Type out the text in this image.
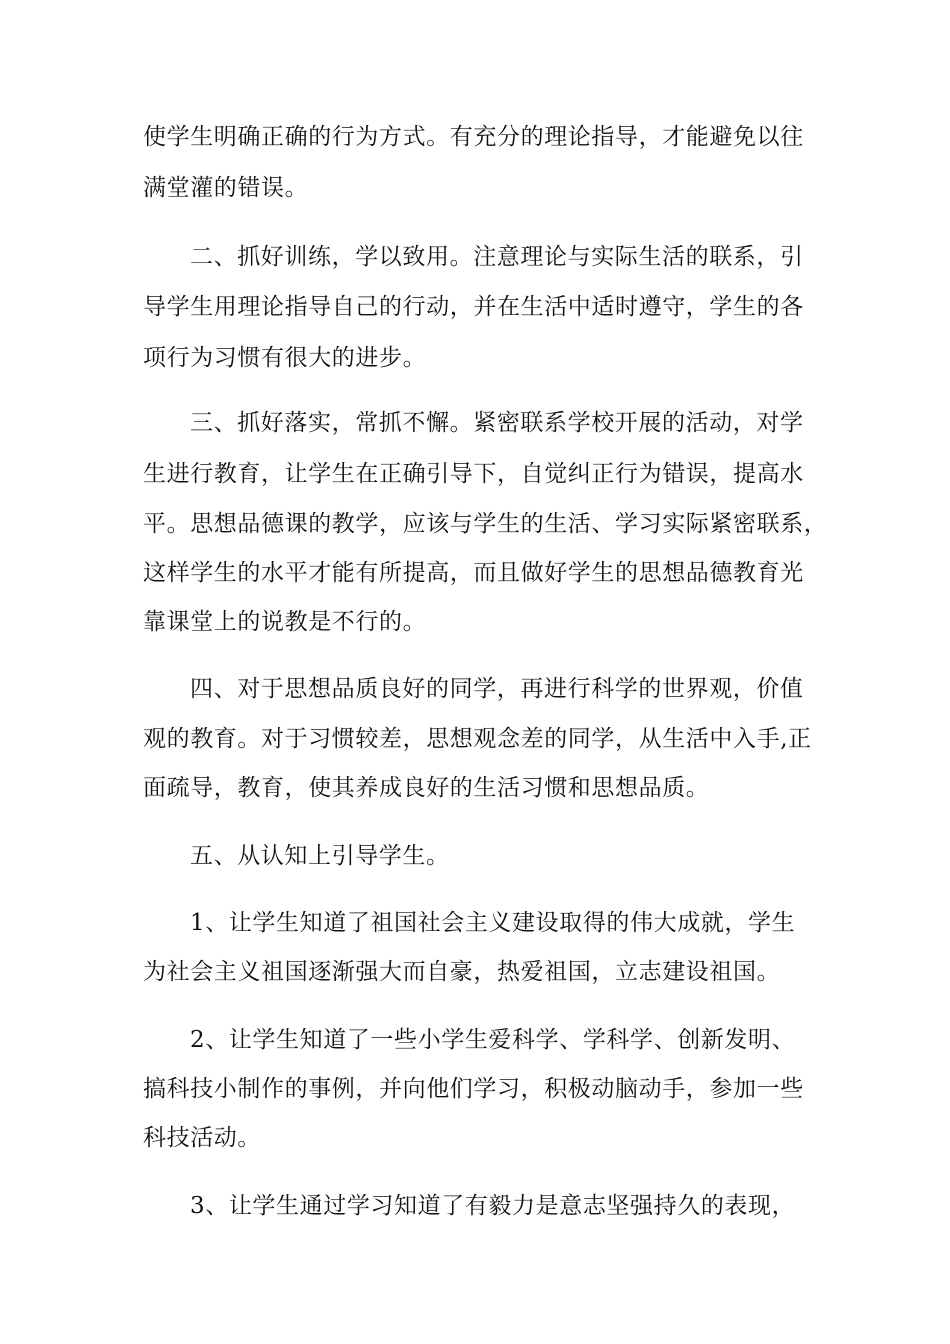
使学生明确正确的行为方式。有充分的理论指导，才能避免以往
满堂灌的错误。
二、抓好训练，学以致用。注意理论与实际生活的联系，引
导学生用理论指导自己的行动，并在生活中适时遵守，学生的各
项行为习惯有很大的进步。
三、抓好落实，常抓不懈。紧密联系学校开展的活动，对学
生进行教育，让学生在正确引导下，自觉纠正行为错误，提高水
平。思想品德课的教学，应该与学生的生活、学习实际紧密联系，
这样学生的水平才能有所提高，而且做好学生的思想品德教育光
靠课堂上的说教是不行的。
四、对于思想品质良好的同学，再进行科学的世界观，价值
观的教育。对于习惯较差，思想观念差的同学，从生活中入手,正
面疏导，教育，使其养成良好的生活习惯和思想品质。
五、从认知上引导学生。
1、让学生知道了祖国社会主义建设取得的伟大成就，学生
为社会主义祖国逐渐强大而自豪，热爱祖国，立志建设祖国。
2、让学生知道了一些小学生爱科学、学科学、创新发明、
搞科技小制作的事例，并向他们学习，积极动脑动手，参加一些
科技活动。
3、让学生通过学习知道了有毅力是意志坚强持久的表现，
